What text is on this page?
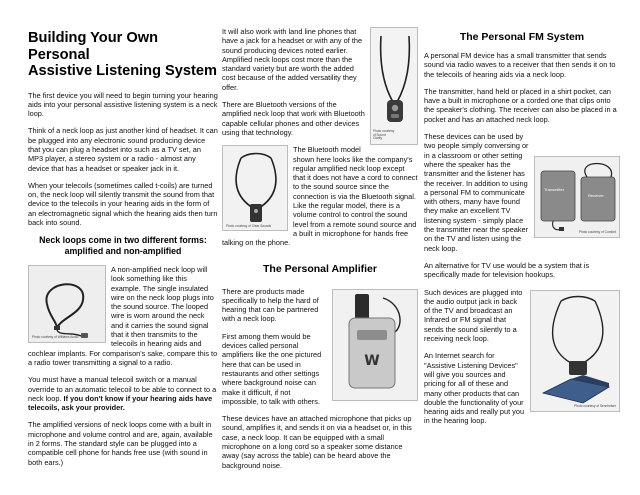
Building Your Own Personal
Assistive Listening System

The first device you will need to begin turning your hearing aids into your personal assistive listening system is a neck loop.

Think of a neck loop as just another kind of headset. It can be plugged into any electronic sound producing device that you can plug a headset into such as a TV set, an MP3 player, a stereo system or a radio - almost any device that has a headset or speaker jack in it.

When your telecoils (sometimes called t-coils) are turned on, the neck loop will silently transmit the sound from that device to the telecoils in your hearing aids in the form of an electromagnetic signal which the hearing aids then turn back into sound.

Neck loops come in two different forms:
amplified and non-amplified
Photo courtesy of Williams Audio

A non-amplified neck loop will look something like this example. The single insulated wire on the neck loop plugs into the sound source. The looped wire is worn around the neck and it carries the sound signal that it then transmits to the telecoils in hearing aids and cochlear implants. For comparison's sake, compare this to a radio tower transmitting a signal to a radio.

You must have a manual telecoil switch or a manual override to an automatic telecoil to be able to connect to a neck loop. If you don't know if your hearing aids have telecoils, ask your provider.

The amplified versions of neck loops come with a built in microphone and volume control and are, again, available in 2 forms. The standard style can be plugged into a compatible cell phone for hands free use (with sound in both ears.)

Photo courtesy of Sound Clarity

It will also work with land line phones that have a jack for a headset or with any of the sound producing devices noted earlier. Amplified neck loops cost more than the standard variety but are worth the added cost because of the added versatility they offer.

There are Bluetooth versions of the amplified neck loop that work with Bluetooth capable cellular phones and other devices using that technology.

Photo courtesy of Clear Sounds

The Bluetooth model shown here looks like the company's regular amplified neck loop except that it does not have a cord to connect to the sound source since the connection is via the Bluetooth signal. Like the regular model, there is a volume control to control the sound level from a remote sound source and a built in microphone for hands free talking on the phone.

The Personal Amplifier
W

There are products made specifically to help the hard of hearing that can be partnered with a neck loop.

First among them would be devices called personal amplifiers like the one pictured here that can be used in restaurants and other settings where background noise can make it difficult, if not impossible, to talk with others.

These devices have an attached microphone that picks up sound, amplifies it, and sends it on via a headset or, in this case, a neck loop. It can be equipped with a small microphone on a long cord so a speaker some distance away (say across the table) can be heard above the background noise.

The Personal FM System

A personal FM device has a small transmitter that sends sound via radio waves to a receiver that then sends it on to the telecoils of hearing aids via a neck loop.

The transmitter, hand held or placed in a shirt pocket, can have a built in microphone or a corded one that clips onto the speaker's clothing. The receiver can also be placed in a pocket and has an attached neck loop.

Transmitter
Receiver
Photo courtesy of Comfort

These devices can be used by two people simply conversing or in a classroom or other setting where the speaker has the transmitter and the listener has the receiver. In addition to using a personal FM to communicate with others, many have found they make an excellent TV listening system - simply place the transmitter near the speaker on the TV and listen using the neck loop.

An alternative for TV use would be a system that is specifically made for television hookups.

Photo courtesy of Sennheiser

Such devices are plugged into the audio output jack in back of the TV and broadcast an Infrared or FM signal that sends the sound silently to a receiving neck loop.

An Internet search for "Assistive Listening Devices" will give you sources and pricing for all of these and many other products that can double the functionality of your hearing aids and really put you in the hearing loop.
